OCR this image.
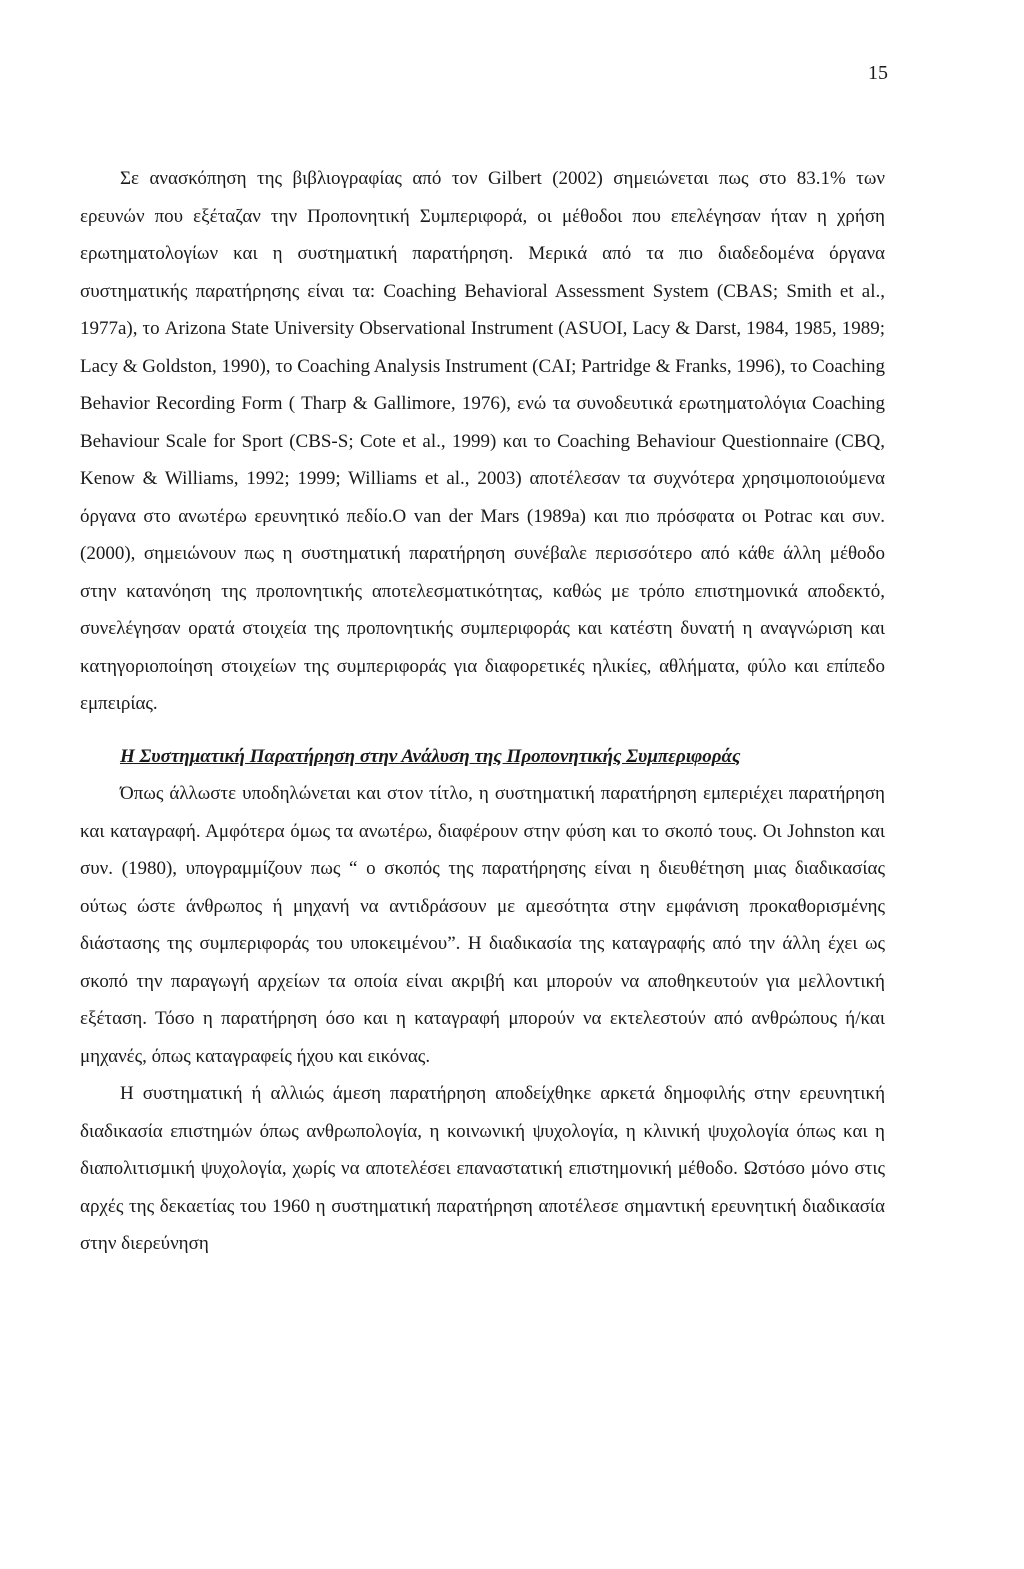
15

Σε ανασκόπηση της βιβλιογραφίας από τον Gilbert (2002) σημειώνεται πως στο 83.1% των ερευνών που εξέταζαν την Προπονητική Συμπεριφορά, οι μέθοδοι που επελέγησαν ήταν η χρήση ερωτηματολογίων και η συστηματική παρατήρηση. Μερικά από τα πιο διαδεδομένα όργανα συστηματικής παρατήρησης είναι τα: Coaching Behavioral Assessment System (CBAS; Smith et al., 1977a), το Arizona State University Observational Instrument (ASUOI, Lacy & Darst, 1984, 1985, 1989; Lacy & Goldston, 1990), το Coaching Analysis Instrument (CAI; Partridge & Franks, 1996), το Coaching Behavior Recording Form ( Tharp & Gallimore, 1976), ενώ τα συνοδευτικά ερωτηματολόγια Coaching Behaviour Scale for Sport (CBS-S; Cote et al., 1999) και το Coaching Behaviour Questionnaire (CBQ, Kenow & Williams, 1992; 1999; Williams et al., 2003) αποτέλεσαν τα συχνότερα χρησιμοποιούμενα όργανα στο ανωτέρω ερευνητικό πεδίο.Ο van der Mars (1989a) και πιο πρόσφατα οι Potrac και συν. (2000), σημειώνουν πως η συστηματική παρατήρηση συνέβαλε περισσότερο από κάθε άλλη μέθοδο στην κατανόηση της προπονητικής αποτελεσματικότητας, καθώς με τρόπο επιστημονικά αποδεκτό, συνελέγησαν ορατά στοιχεία της προπονητικής συμπεριφοράς και κατέστη δυνατή η αναγνώριση και κατηγοριοποίηση στοιχείων της συμπεριφοράς για διαφορετικές ηλικίες, αθλήματα, φύλο και επίπεδο εμπειρίας.

Η Συστηματική Παρατήρηση στην Ανάλυση της Προπονητικής Συμπεριφοράς

Όπως άλλωστε υποδηλώνεται και στον τίτλο, η συστηματική παρατήρηση εμπεριέχει παρατήρηση και καταγραφή. Αμφότερα όμως τα ανωτέρω, διαφέρουν στην φύση και το σκοπό τους. Οι Johnston και συν. (1980), υπογραμμίζουν πως “ ο σκοπός της παρατήρησης είναι η διευθέτηση μιας διαδικασίας ούτως ώστε άνθρωπος ή μηχανή να αντιδράσουν με αμεσότητα στην εμφάνιση προκαθορισμένης διάστασης της συμπεριφοράς του υποκειμένου”. Η διαδικασία της καταγραφής από την άλλη έχει ως σκοπό την παραγωγή αρχείων τα οποία είναι ακριβή και μπορούν να αποθηκευτούν για μελλοντική εξέταση. Τόσο η παρατήρηση όσο και η καταγραφή μπορούν να εκτελεστούν από ανθρώπους ή/και μηχανές, όπως καταγραφείς ήχου και εικόνας.

Η συστηματική ή αλλιώς άμεση παρατήρηση αποδείχθηκε αρκετά δημοφιλής στην ερευνητική διαδικασία επιστημών όπως ανθρωπολογία, η κοινωνική ψυχολογία, η κλινική ψυχολογία όπως και η διαπολιτισμική ψυχολογία, χωρίς να αποτελέσει επαναστατική επιστημονική μέθοδο. Ωστόσο μόνο στις αρχές της δεκαετίας του 1960 η συστηματική παρατήρηση αποτέλεσε σημαντική ερευνητική διαδικασία στην διερεύνηση
